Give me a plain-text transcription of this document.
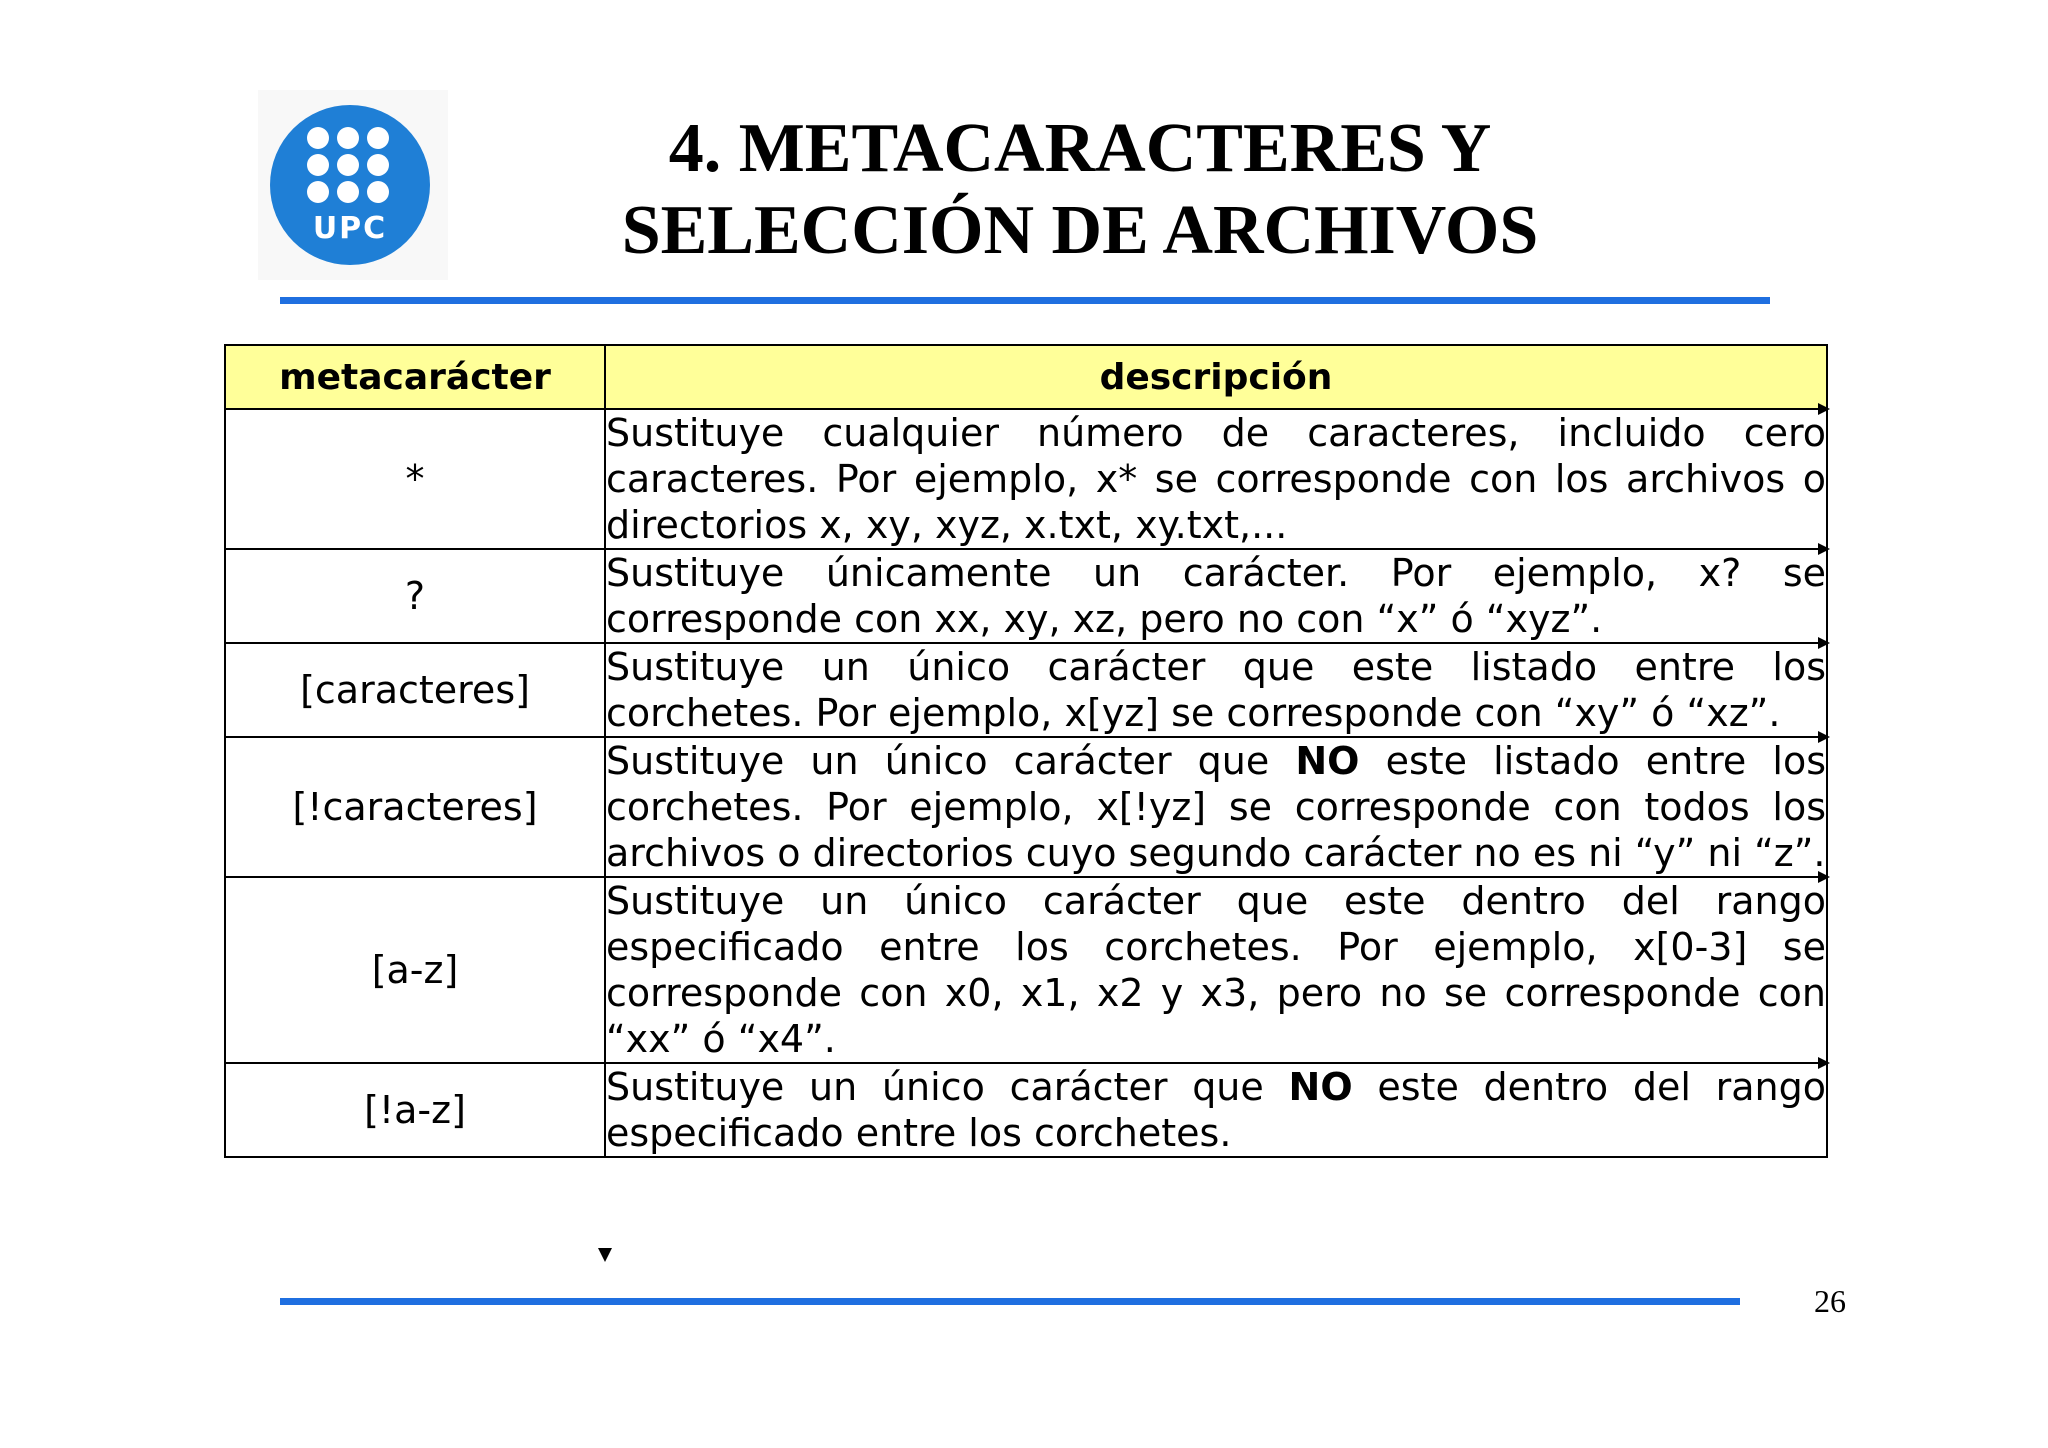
UPC
4. METACARACTERES Y
SELECCIÓN DE ARCHIVOS
metacarácter	descripción
*	Sustituye cualquier número de caracteres, incluido cero caracteres. Por ejemplo, x* se corresponde con los archivos o directorios x, xy, xyz, x.txt, xy.txt,...
?	Sustituye únicamente un carácter. Por ejemplo, x? se corresponde con xx, xy, xz, pero no con “x” ó “xyz”.
[caracteres]	Sustituye un único carácter que este listado entre los corchetes. Por ejemplo, x[yz] se corresponde con “xy” ó “xz”.
[!caracteres]	Sustituye un único carácter que NO este listado entre los corchetes. Por ejemplo, x[!yz] se corresponde con todos los archivos o directorios cuyo segundo carácter no es ni “y” ni “z”.
[a-z]	Sustituye un único carácter que este dentro del rango especificado entre los corchetes. Por ejemplo, x[0-3] se corresponde con x0, x1, x2 y x3, pero no se corresponde con “xx” ó “x4”.
[!a-z]	Sustituye un único carácter que NO este dentro del rango especificado entre los corchetes.
26
